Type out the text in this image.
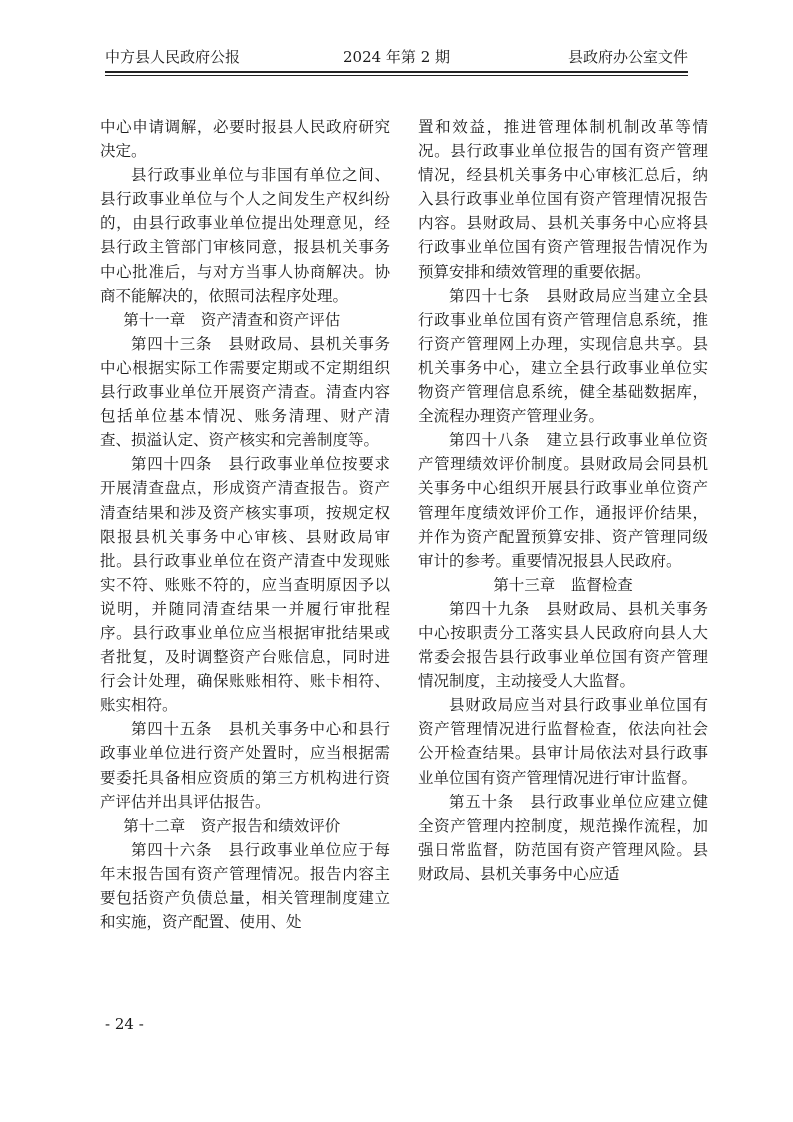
中方县人民政府公报	2024 年第 2 期	县政府办公室文件

中心申请调解，必要时报县人民政府研究决定。

县行政事业单位与非国有单位之间、县行政事业单位与个人之间发生产权纠纷的，由县行政事业单位提出处理意见，经县行政主管部门审核同意，报县机关事务中心批准后，与对方当事人协商解决。协商不能解决的，依照司法程序处理。

第十一章　资产清查和资产评估

第四十三条　县财政局、县机关事务中心根据实际工作需要定期或不定期组织县行政事业单位开展资产清查。清查内容包括单位基本情况、账务清理、财产清查、损溢认定、资产核实和完善制度等。

第四十四条　县行政事业单位按要求开展清查盘点，形成资产清查报告。资产清查结果和涉及资产核实事项，按规定权限报县机关事务中心审核、县财政局审批。县行政事业单位在资产清查中发现账实不符、账账不符的，应当查明原因予以说明，并随同清查结果一并履行审批程序。县行政事业单位应当根据审批结果或者批复，及时调整资产台账信息，同时进行会计处理，确保账账相符、账卡相符、账实相符。

第四十五条　县机关事务中心和县行政事业单位进行资产处置时，应当根据需要委托具备相应资质的第三方机构进行资产评估并出具评估报告。

第十二章　资产报告和绩效评价

第四十六条　县行政事业单位应于每年末报告国有资产管理情况。报告内容主要包括资产负债总量，相关管理制度建立和实施，资产配置、使用、处

置和效益，推进管理体制机制改革等情况。县行政事业单位报告的国有资产管理情况，经县机关事务中心审核汇总后，纳入县行政事业单位国有资产管理情况报告内容。县财政局、县机关事务中心应将县行政事业单位国有资产管理报告情况作为预算安排和绩效管理的重要依据。

第四十七条　县财政局应当建立全县行政事业单位国有资产管理信息系统，推行资产管理网上办理，实现信息共享。县机关事务中心，建立全县行政事业单位实物资产管理信息系统，健全基础数据库，全流程办理资产管理业务。

第四十八条　建立县行政事业单位资产管理绩效评价制度。县财政局会同县机关事务中心组织开展县行政事业单位资产管理年度绩效评价工作，通报评价结果，并作为资产配置预算安排、资产管理同级审计的参考。重要情况报县人民政府。

第十三章　监督检查

第四十九条　县财政局、县机关事务中心按职责分工落实县人民政府向县人大常委会报告县行政事业单位国有资产管理情况制度，主动接受人大监督。

县财政局应当对县行政事业单位国有资产管理情况进行监督检查，依法向社会公开检查结果。县审计局依法对县行政事业单位国有资产管理情况进行审计监督。

第五十条　县行政事业单位应建立健全资产管理内控制度，规范操作流程，加强日常监督，防范国有资产管理风险。县财政局、县机关事务中心应适

- 24 -
